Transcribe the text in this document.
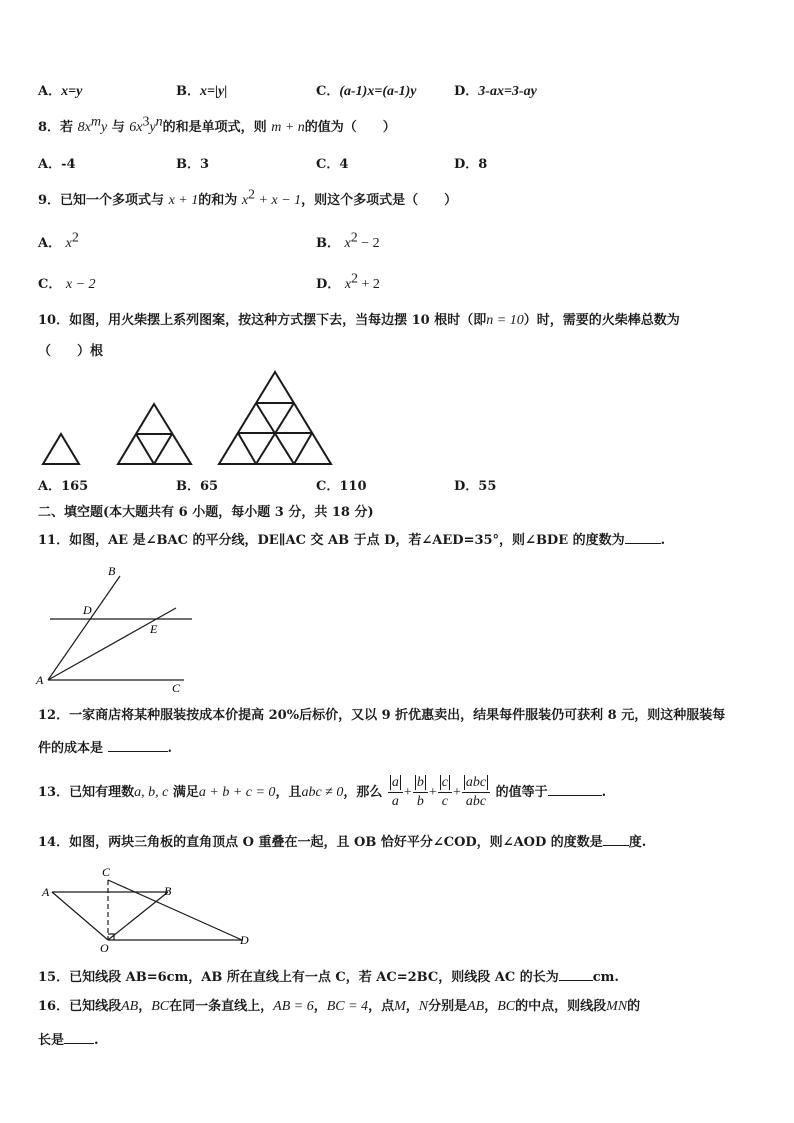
A．x=y	B．x=|y|	C．(a-1)x=(a-1)y	D．3-ax=3-ay
8．若 $8x^my$ 与 $6x^3y^n$的和是单项式，则 m + n的值为（　　）
A．-4	B．3	C．4	D．8
9．已知一个多项式与 x + 1的和为 $x^2 + x - 1$，则这个多项式是（　　）
A． $x^2$	B． $x^2 - 2$
C． x − 2	D． $x^2 + 2$
10．如图，用火柴摆上系列图案，按这种方式摆下去，当每边摆 10 根时（即n = 10）时，需要的火柴棒总数为
（　　）根
A．165	B．65	C．110	D．55
二、填空题(本大题共有 6 小题，每小题 3 分，共 18 分)
11．如图，AE 是∠BAC 的平分线，DE∥AC 交 AB 于点 D，若∠AED=35°，则∠BDE 的度数为	.
B
D
E
A
C
12．一家商店将某种服装按成本价提高 20%后标价，又以 9 折优惠卖出，结果每件服装仍可获利 8 元，则这种服装每
件的成本是	.
13．已知有理数a, b, c 满足a + b + c = 0，且abc ≠ 0，那么 $\frac{a}{a} + \frac{b}{b} + \frac{c}{c} + \frac{\text{abc}}{\text{abc}}$ 的值等于	.
14．如图，两块三角板的直角顶点 O 重叠在一起，且 OB 恰好平分∠COD，则∠AOD 的度数是 度.
A	B
C
O
D
15．已知线段 AB=6cm，AB 所在直线上有一点 C，若 AC=2BC，则线段 AC 的长为	cm.
16．已知线段AB，BC在同一条直线上，AB = 6，BC = 4，点M，N分别是AB，BC的中点，则线段MN的
长是 .
